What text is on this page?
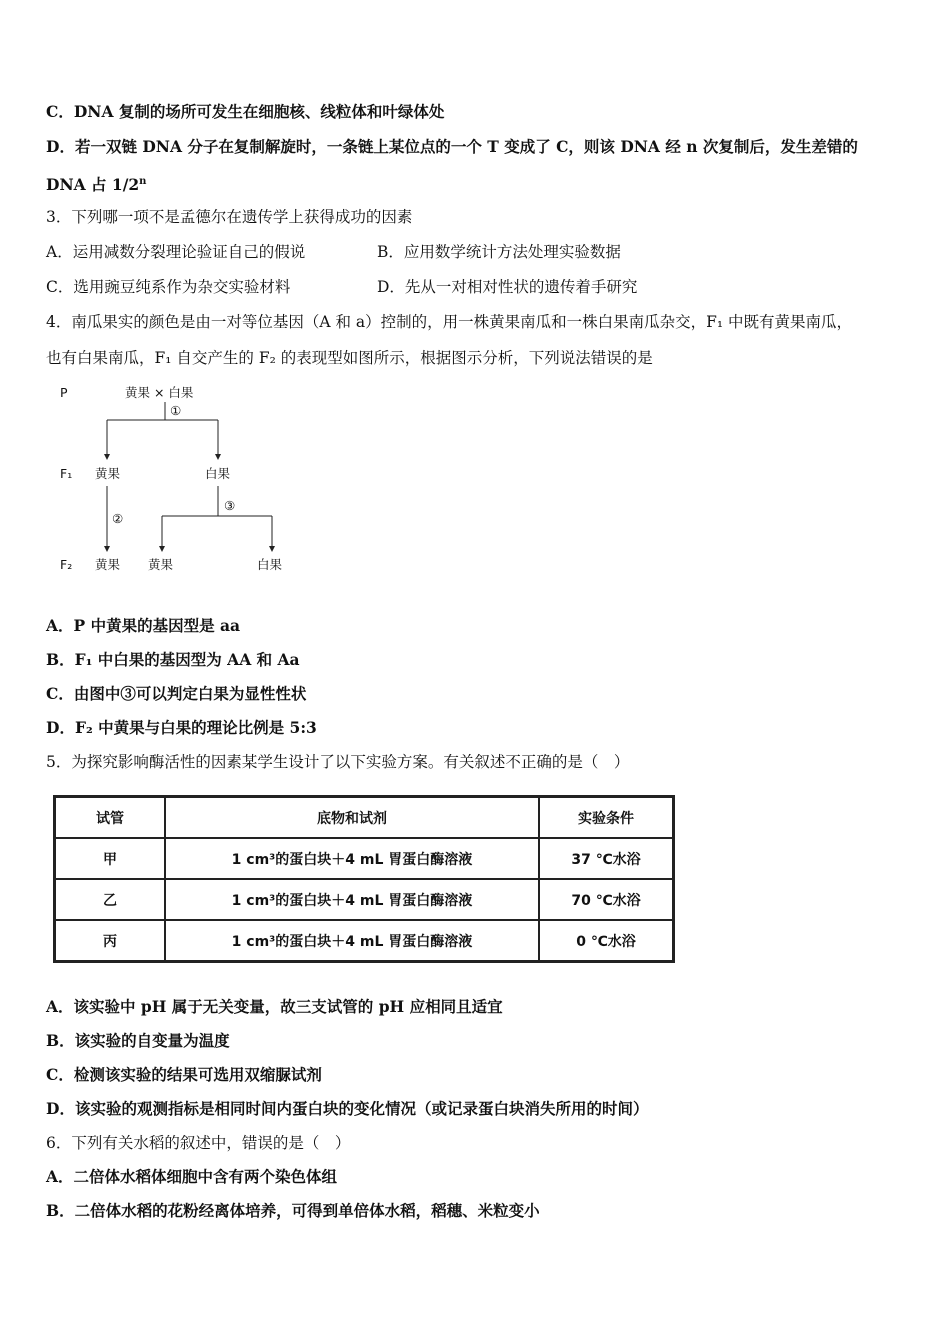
C．DNA 复制的场所可发生在细胞核、线粒体和叶绿体处
D．若一双链 DNA 分子在复制解旋时，一条链上某位点的一个 T 变成了 C，则该 DNA 经 n 次复制后，发生差错的
DNA 占 1/2$^n$
3．下列哪一项不是孟德尔在遗传学上获得成功的因素
A．运用减数分裂理论验证自己的假说	B．应用数学统计方法处理实验数据
C．选用豌豆纯系作为杂交实验材料	D．先从一对相对性状的遗传着手研究
4．南瓜果实的颜色是由一对等位基因（A 和 a）控制的，用一株黄果南瓜和一株白果南瓜杂交，F₁ 中既有黄果南瓜，
也有白果南瓜，F₁ 自交产生的 F₂ 的表现型如图所示，根据图示分析，下列说法错误的是
P	黄果 × 白果
①
F₁ 黄果	白果
②
③
F₂ 黄果 黄果	白果
A．P 中黄果的基因型是 aa
B．F₁ 中白果的基因型为 AA 和 Aa
C．由图中③可以判定白果为显性性状
D．F₂ 中黄果与白果的理论比例是 5:3
5．为探究影响酶活性的因素某学生设计了以下实验方案。有关叙述不正确的是（　）
试管	底物和试剂	实验条件
甲	1 cm³的蛋白块＋4 mL 胃蛋白酶溶液	37 ℃水浴
乙	1 cm³的蛋白块＋4 mL 胃蛋白酶溶液	70 ℃水浴
丙	1 cm³的蛋白块＋4 mL 胃蛋白酶溶液	0 ℃水浴
A．该实验中 pH 属于无关变量，故三支试管的 pH 应相同且适宜
B．该实验的自变量为温度
C．检测该实验的结果可选用双缩脲试剂
D．该实验的观测指标是相同时间内蛋白块的变化情况（或记录蛋白块消失所用的时间）
6．下列有关水稻的叙述中，错误的是（　）
A．二倍体水稻体细胞中含有两个染色体组
B．二倍体水稻的花粉经离体培养，可得到单倍体水稻，稻穗、米粒变小
